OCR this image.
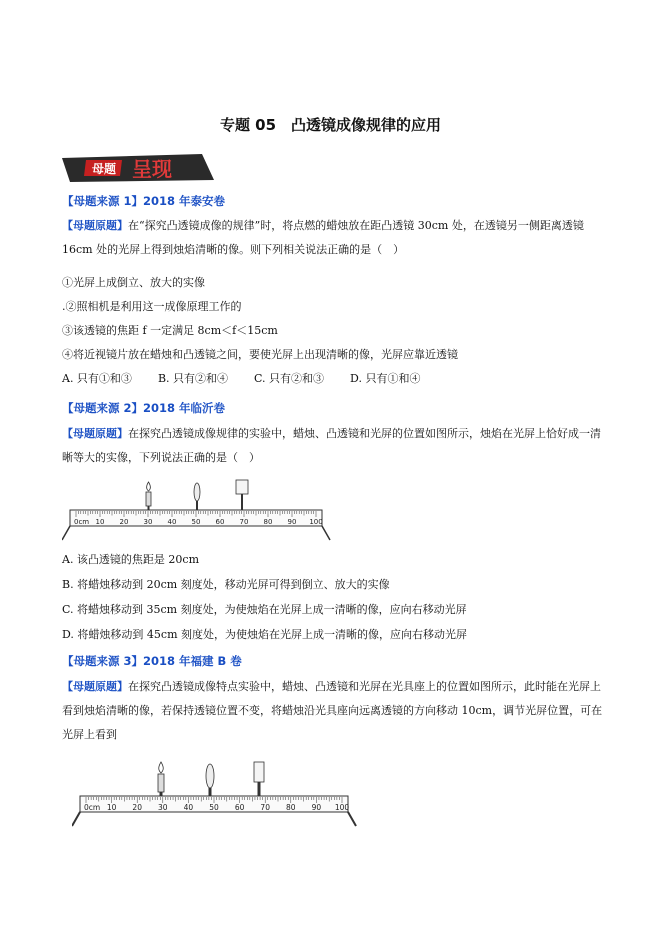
专题 05　凸透镜成像规律的应用
母题 呈现
【母题来源 1】2018 年泰安卷
【母题原题】在“探究凸透镜成像的规律”时，将点燃的蜡烛放在距凸透镜 30cm 处，在透镜另一侧距离透镜 16cm 处的光屏上得到烛焰清晰的像。则下列相关说法正确的是（　）
①光屏上成倒立、放大的实像
.②照相机是利用这一成像原理工作的
③该透镜的焦距 f 一定满足 8cm＜f＜15cm
④将近视镜片放在蜡烛和凸透镜之间，要使光屏上出现清晰的像，光屏应靠近透镜
A. 只有①和③ B. 只有②和④ C. 只有②和③ D. 只有①和④
【母题来源 2】2018 年临沂卷
【母题原题】在探究凸透镜成像规律的实验中，蜡烛、凸透镜和光屏的位置如图所示，烛焰在光屏上恰好成一清晰等大的实像，下列说法正确的是（　）
0cm 10 20 30 40 50 60 70 80 90 100
A. 该凸透镜的焦距是 20cm
B. 将蜡烛移动到 20cm 刻度处，移动光屏可得到倒立、放大的实像
C. 将蜡烛移动到 35cm 刻度处，为使烛焰在光屏上成一清晰的像，应向右移动光屏
D. 将蜡烛移动到 45cm 刻度处，为使烛焰在光屏上成一清晰的像，应向右移动光屏
【母题来源 3】2018 年福建 B 卷
【母题原题】在探究凸透镜成像特点实验中，蜡烛、凸透镜和光屏在光具座上的位置如图所示，此时能在光屏上看到烛焰清晰的像，若保持透镜位置不变，将蜡烛沿光具座向远离透镜的方向移动 10cm，调节光屏位置，可在光屏上看到
0cm 10 20 30 40 50 60 70 80 90 100
